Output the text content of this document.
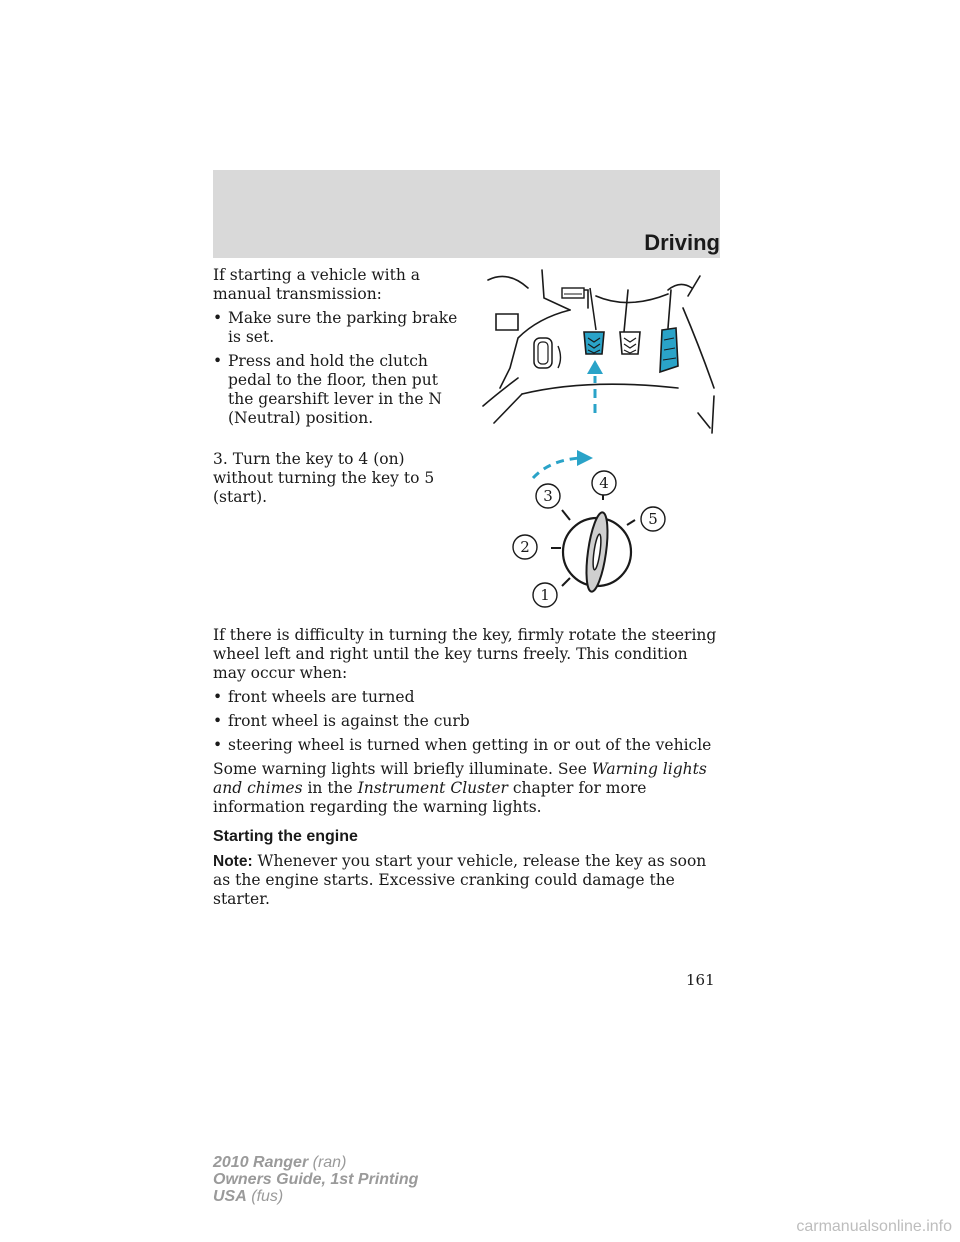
Driving

If starting a vehicle with a manual transmission:

• Make sure the parking brake is set.

• Press and hold the clutch pedal to the floor, then put the gearshift lever in the N (Neutral) position.

3. Turn the key to 4 (on) without turning the key to 5 (start).
1
2
3
4
5

If there is difficulty in turning the key, firmly rotate the steering wheel left and right until the key turns freely. This condition may occur when:

• front wheels are turned

• front wheel is against the curb

• steering wheel is turned when getting in or out of the vehicle

Some warning lights will briefly illuminate. See Warning lights and chimes in the Instrument Cluster chapter for more information regarding the warning lights.

Starting the engine

Note: Whenever you start your vehicle, release the key as soon as the engine starts. Excessive cranking could damage the starter.

161
2010 Ranger (ran)
Owners Guide, 1st Printing
USA (fus)
carmanualsonline.info
